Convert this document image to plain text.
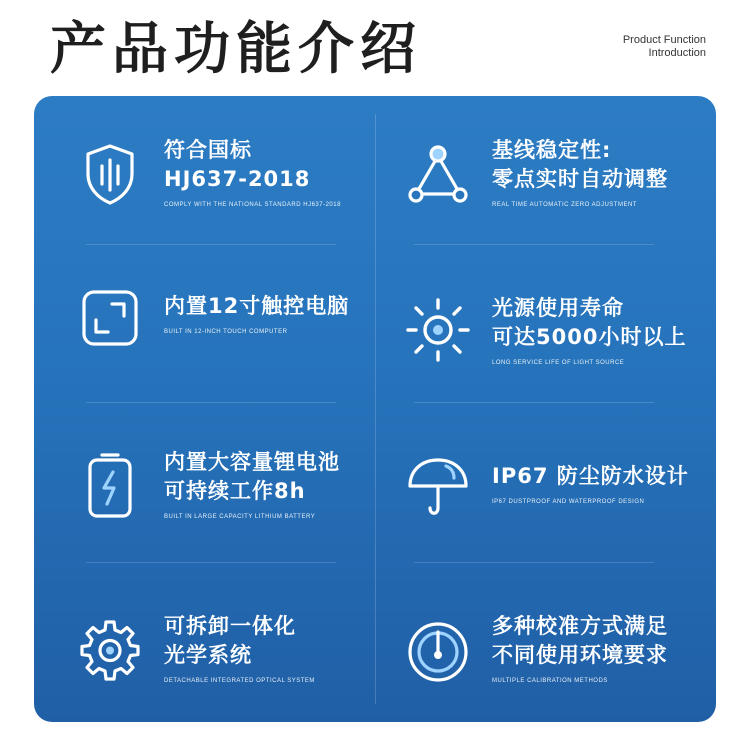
产品功能介绍	Product Function
Introduction
符合国标
HJ637-2018
COMPLY WITH THE NATIONAL STANDARD HJ637-2018
基线稳定性:
零点实时自动调整
REAL TIME AUTOMATIC ZERO ADJUSTMENT
内置12寸触控电脑
BUILT IN 12-INCH TOUCH COMPUTER
光源使用寿命
可达5000小时以上
LONG SERVICE LIFE OF LIGHT SOURCE
内置大容量锂电池
可持续工作8h
BUILT IN LARGE CAPACITY LITHIUM BATTERY
IP67 防尘防水设计
IP67 DUSTPROOF AND WATERPROOF DESIGN
可拆卸一体化
光学系统
DETACHABLE INTEGRATED OPTICAL SYSTEM
多种校准方式满足
不同使用环境要求
MULTIPLE CALIBRATION METHODS
